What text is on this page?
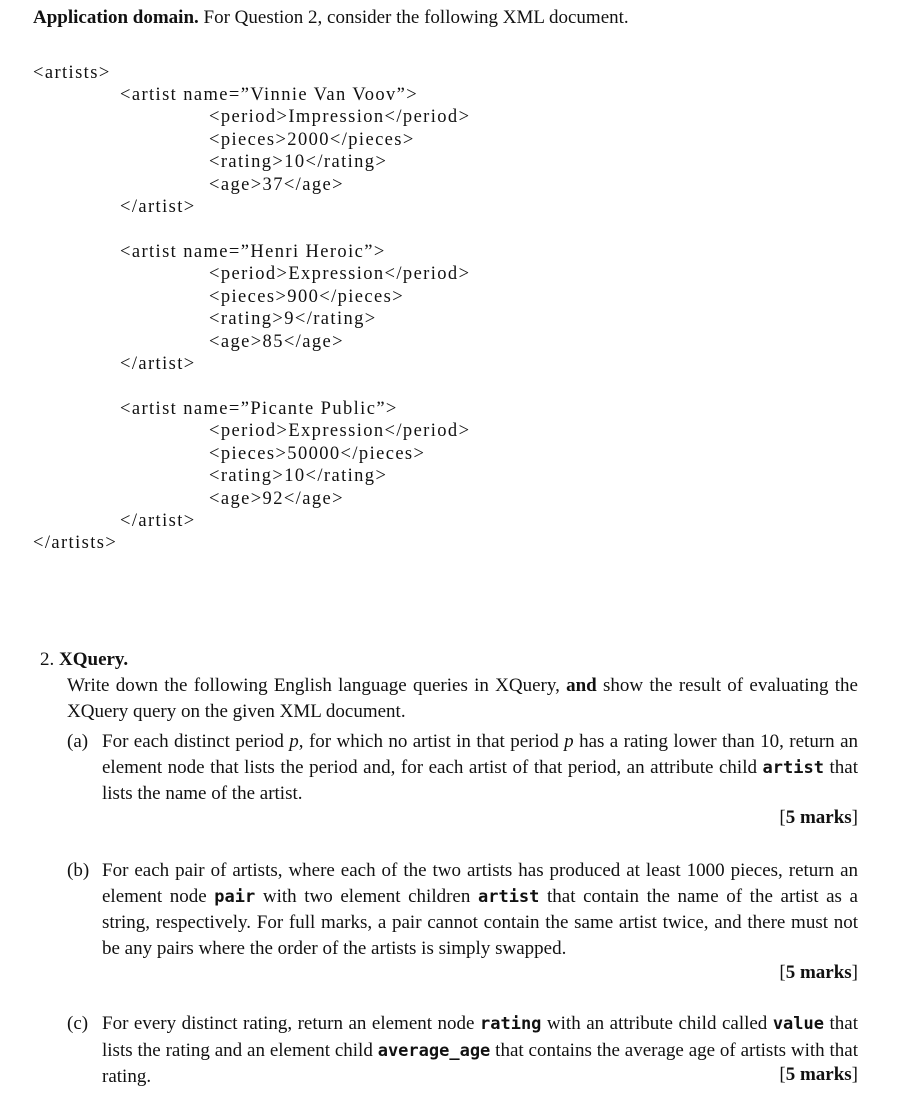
Application domain. For Question 2, consider the following XML document.
<artists>
<artist name=”Vinnie Van Voov”>
<period>Impression</period>
<pieces>2000</pieces>
<rating>10</rating>
<age>37</age>
</artist>
<artist name=”Henri Heroic”>
<period>Expression</period>
<pieces>900</pieces>
<rating>9</rating>
<age>85</age>
</artist>
<artist name=”Picante Public”>
<period>Expression</period>
<pieces>50000</pieces>
<rating>10</rating>
<age>92</age>
</artist>
</artists>
2. XQuery.
Write down the following English language queries in XQuery, and show the result of evaluating the XQuery query on the given XML document.
(a) For each distinct period p, for which no artist in that period p has a rating lower than 10, return an element node that lists the period and, for each artist of that period, an attribute child artist that lists the name of the artist.
[5 marks]
(b) For each pair of artists, where each of the two artists has produced at least 1000 pieces, return an element node pair with two element children artist that contain the name of the artist as a string, respectively. For full marks, a pair cannot contain the same artist twice, and there must not be any pairs where the order of the artists is simply swapped.
[5 marks]
(c) For every distinct rating, return an element node rating with an attribute child called value that lists the rating and an element child average_age that contains the average age of artists with that rating.	[5 marks]
